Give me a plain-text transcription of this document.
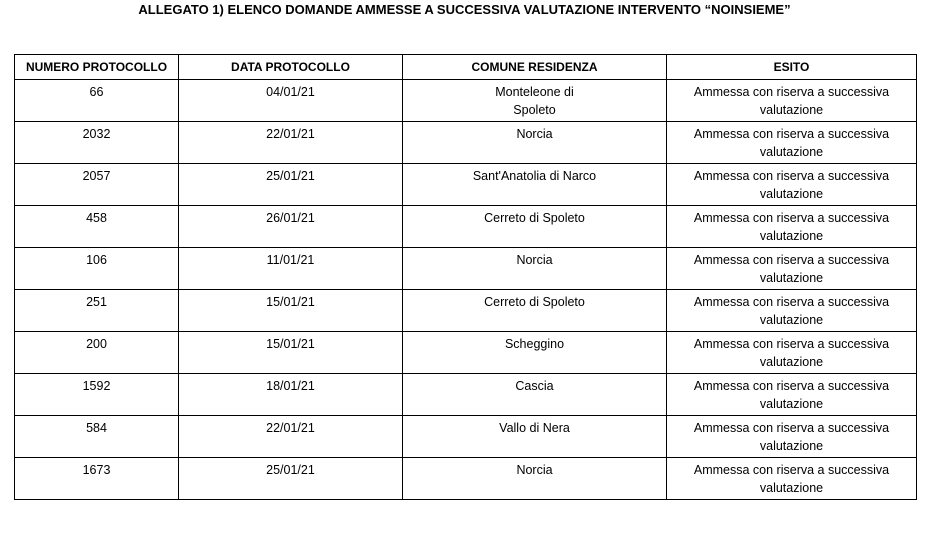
ALLEGATO 1) ELENCO DOMANDE AMMESSE A SUCCESSIVA VALUTAZIONE INTERVENTO “NOINSIEME”
NUMERO PROTOCOLLO	DATA PROTOCOLLO	COMUNE RESIDENZA	ESITO
66	04/01/21	Monteleone di Spoleto	Ammessa con riserva a successiva valutazione
2032	22/01/21	Norcia	Ammessa con riserva a successiva valutazione
2057	25/01/21	Sant'Anatolia di Narco	Ammessa con riserva a successiva valutazione
458	26/01/21	Cerreto di Spoleto	Ammessa con riserva a successiva valutazione
106	11/01/21	Norcia	Ammessa con riserva a successiva valutazione
251	15/01/21	Cerreto di Spoleto	Ammessa con riserva a successiva valutazione
200	15/01/21	Scheggino	Ammessa con riserva a successiva valutazione
1592	18/01/21	Cascia	Ammessa con riserva a successiva valutazione
584	22/01/21	Vallo di Nera	Ammessa con riserva a successiva valutazione
1673	25/01/21	Norcia	Ammessa con riserva a successiva valutazione
